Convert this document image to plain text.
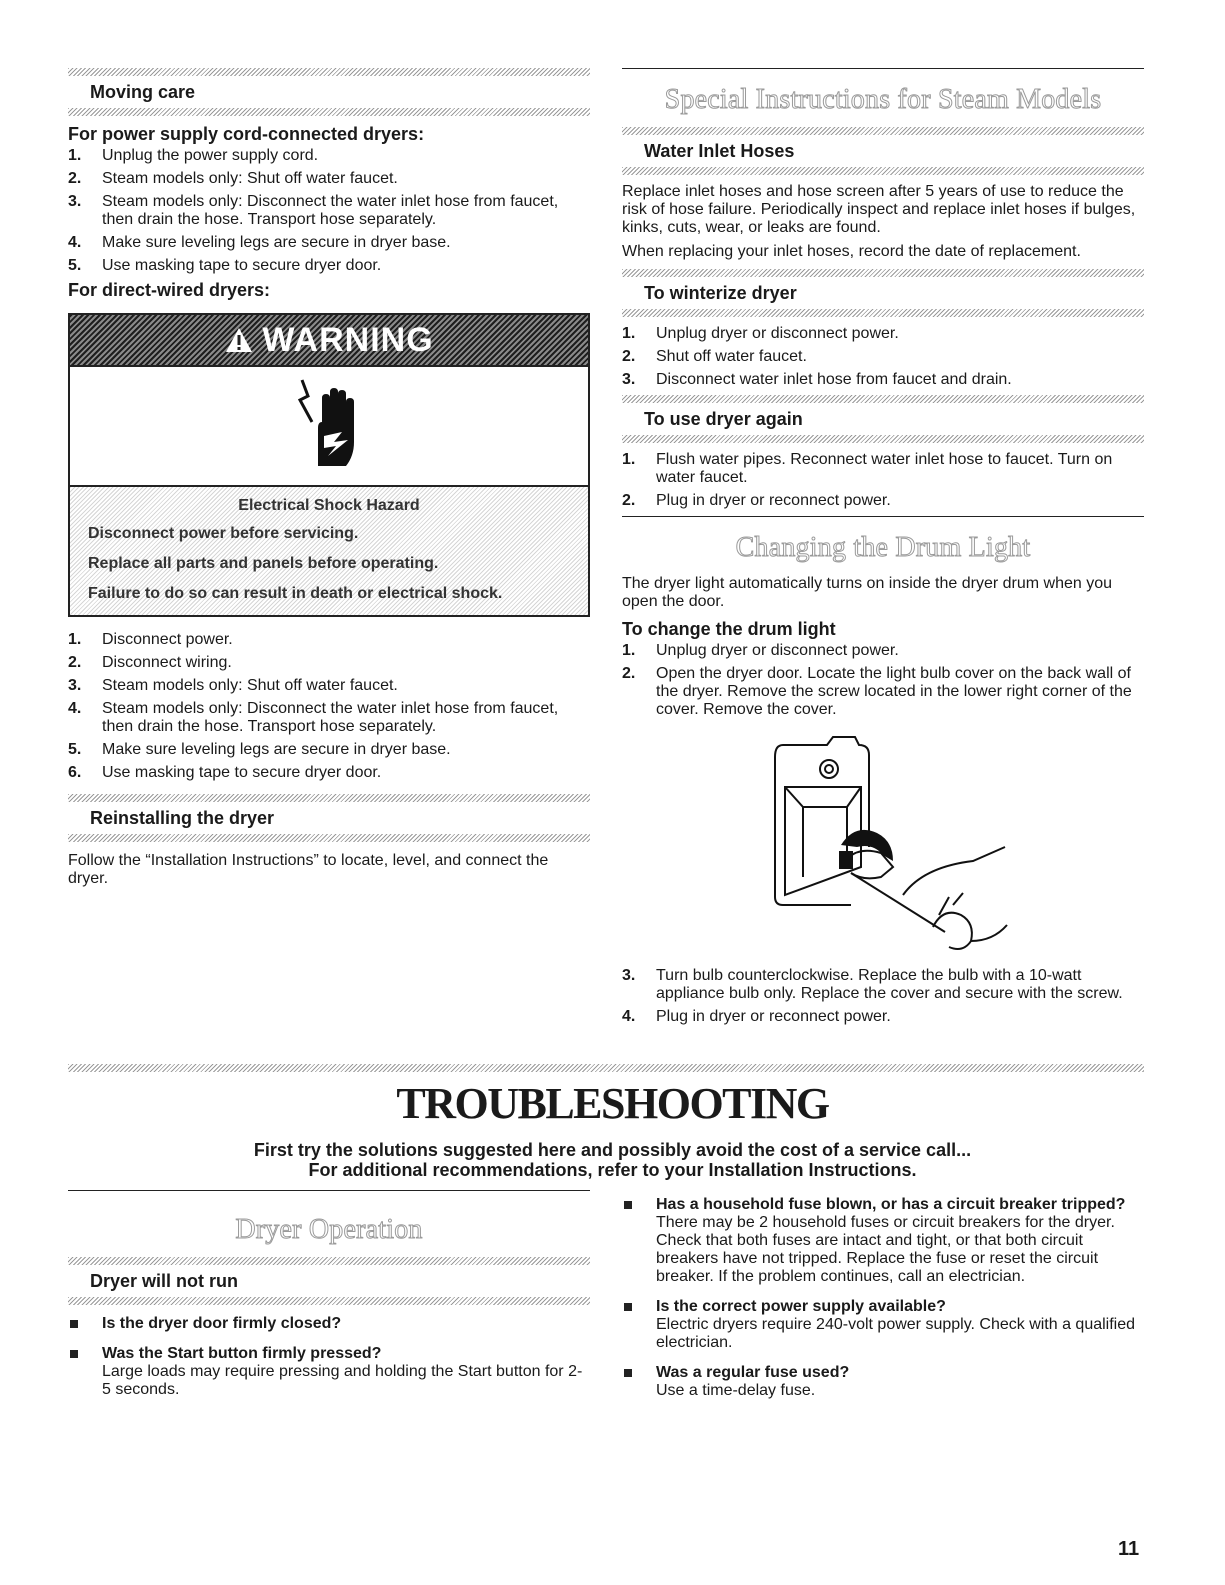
Moving care
For power supply cord-connected dryers:
1.	Unplug the power supply cord.
2.	Steam models only: Shut off water faucet.
3.	Steam models only: Disconnect the water inlet hose from faucet, then drain the hose. Transport hose separately.
4.	Make sure leveling legs are secure in dryer base.
5.	Use masking tape to secure dryer door.
For direct-wired dryers:
WARNING
Electrical Shock Hazard
Disconnect power before servicing.
Replace all parts and panels before operating.
Failure to do so can result in death or electrical shock.
1.	Disconnect power.
2.	Disconnect wiring.
3.	Steam models only: Shut off water faucet.
4.	Steam models only: Disconnect the water inlet hose from faucet, then drain the hose. Transport hose separately.
5.	Make sure leveling legs are secure in dryer base.
6.	Use masking tape to secure dryer door.
Reinstalling the dryer

Follow the “Installation Instructions” to locate, level, and connect the dryer.

Special Instructions for Steam Models
Water Inlet Hoses

Replace inlet hoses and hose screen after 5 years of use to reduce the risk of hose failure. Periodically inspect and replace inlet hoses if bulges, kinks, cuts, wear, or leaks are found.

When replacing your inlet hoses, record the date of replacement.

To winterize dryer
1.	Unplug dryer or disconnect power.
2.	Shut off water faucet.
3.	Disconnect water inlet hose from faucet and drain.
To use dryer again
1.	Flush water pipes. Reconnect water inlet hose to faucet. Turn on water faucet.
2.	Plug in dryer or reconnect power.
Changing the Drum Light

The dryer light automatically turns on inside the dryer drum when you open the door.

To change the drum light
1.	Unplug dryer or disconnect power.
2.	Open the dryer door. Locate the light bulb cover on the back wall of the dryer. Remove the screw located in the lower right corner of the cover. Remove the cover.
3.	Turn bulb counterclockwise. Replace the bulb with a 10-watt appliance bulb only. Replace the cover and secure with the screw.
4.	Plug in dryer or reconnect power.
TROUBLESHOOTING
First try the solutions suggested here and possibly avoid the cost of a service call...
For additional recommendations, refer to your Installation Instructions.
Dryer Operation
Dryer will not run
Is the dryer door firmly closed?
Was the Start button firmly pressed?
Large loads may require pressing and holding the Start button for 2-5 seconds.
Has a household fuse blown, or has a circuit breaker tripped?
There may be 2 household fuses or circuit breakers for the dryer. Check that both fuses are intact and tight, or that both circuit breakers have not tripped. Replace the fuse or reset the circuit breaker. If the problem continues, call an electrician.
Is the correct power supply available?
Electric dryers require 240-volt power supply. Check with a qualified electrician.
Was a regular fuse used?
Use a time-delay fuse.
11
